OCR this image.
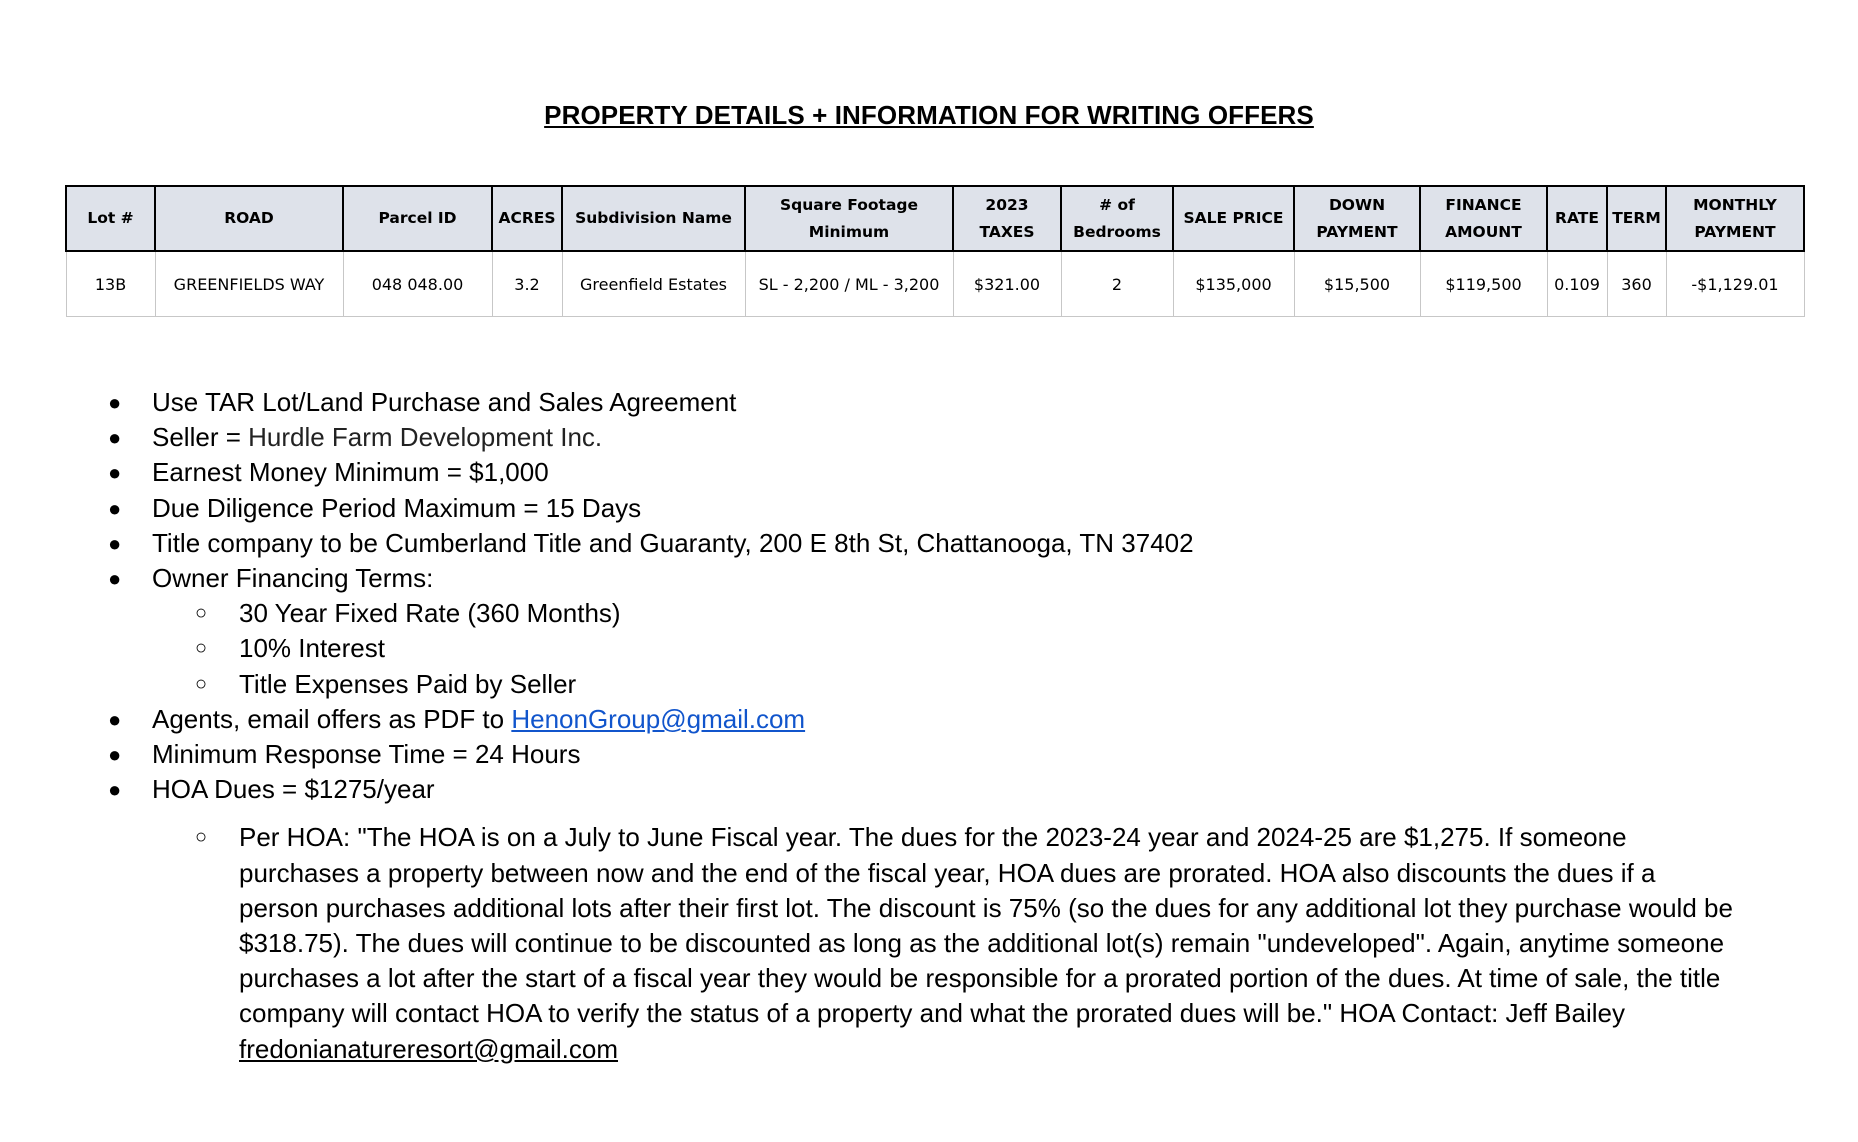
PROPERTY DETAILS + INFORMATION FOR WRITING OFFERS
Lot #	ROAD	Parcel ID	ACRES	Subdivision Name	Square Footage Minimum	2023 TAXES	# of Bedrooms	SALE PRICE	DOWN PAYMENT	FINANCE AMOUNT	RATE	TERM	MONTHLY PAYMENT
13B	GREENFIELDS WAY	048 048.00	3.2	Greenfield Estates	SL - 2,200 / ML - 3,200	$321.00	2	$135,000	$15,500	$119,500	0.109	360	-$1,129.01
● Use TAR Lot/Land Purchase and Sales Agreement
● Seller = Hurdle Farm Development Inc.
● Earnest Money Minimum = $1,000
● Due Diligence Period Maximum = 15 Days
● Title company to be Cumberland Title and Guaranty, 200 E 8th St, Chattanooga, TN 37402
● Owner Financing Terms:
○ 30 Year Fixed Rate (360 Months)
○ 10% Interest
○ Title Expenses Paid by Seller
● Agents, email offers as PDF to HenonGroup@gmail.com
● Minimum Response Time = 24 Hours
● HOA Dues = $1275/year
○ Per HOA: "The HOA is on a July to June Fiscal year. The dues for the 2023-24 year and 2024-25 are $1,275. If someone purchases a property between now and the end of the fiscal year, HOA dues are prorated. HOA also discounts the dues if a person purchases additional lots after their first lot. The discount is 75% (so the dues for any additional lot they purchase would be $318.75). The dues will continue to be discounted as long as the additional lot(s) remain "undeveloped". Again, anytime someone purchases a lot after the start of a fiscal year they would be responsible for a prorated portion of the dues. At time of sale, the title company will contact HOA to verify the status of a property and what the prorated dues will be." HOA Contact: Jeff Bailey fredonianatureresort@gmail.com
